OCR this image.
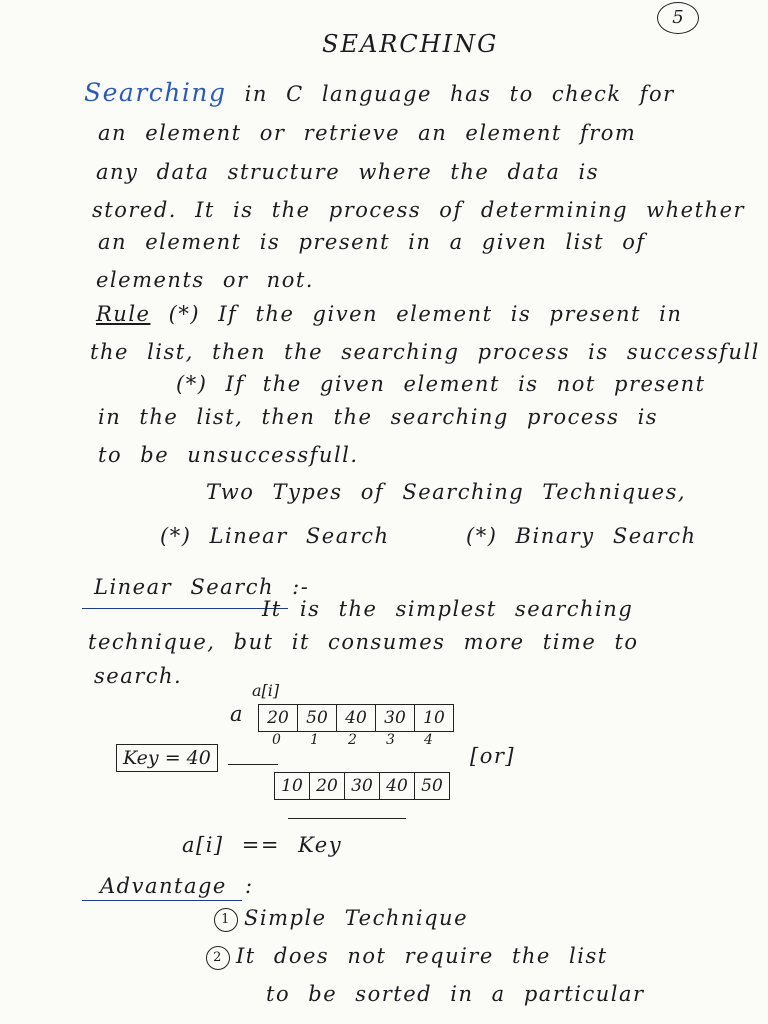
5
SEARCHING
Searching in C language has to check for
an element or retrieve an element from
any data structure where the data is
stored. It is the process of determining whether
an element is present in a given list of
elements or not.
Rule (*) If the given element is present in
the list, then the searching process is successfull
(*) If the given element is not present
in the list, then the searching process is
to be unsuccessfull.
Two Types of Searching Techniques,
(*) Linear Search	(*) Binary Search
Linear Search :-
It is the simplest searching
technique, but it consumes more time to
search.
a[i]
a	20	50	40	30	10
0 1 2 3 4
[or]
Key = 40
10 20 30 40 50
a[i] == Key
Advantage :
1 Simple Technique
2 It does not require the list
to be sorted in a particular
